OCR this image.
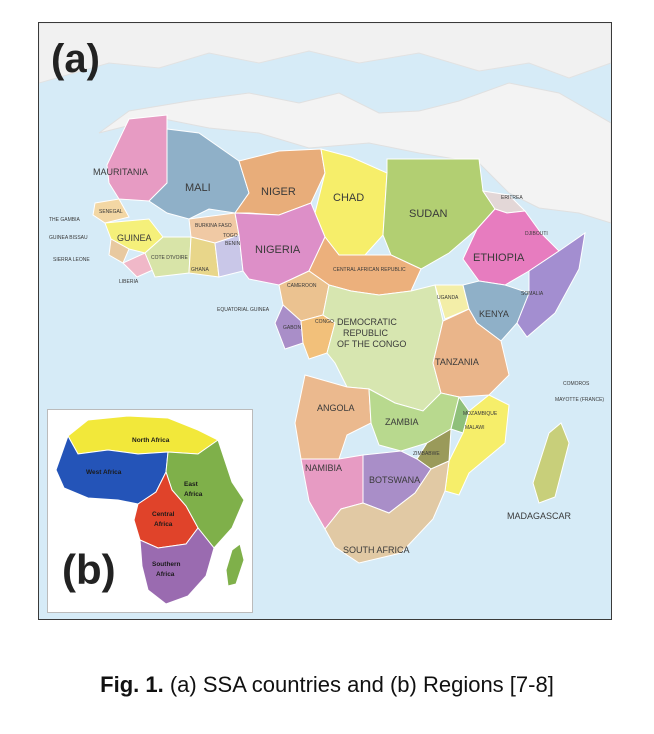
MAURITANIA
MALI	NIGER	CHAD
SUDAN
ERITREA
DJIBOUTI
SENEGAL
THE GAMBIA
GUINEA BISSAU
SIERRA LEONE
LIBERIA
GUINEA
BURKINA FASO
TOGO
BENIN
COTE D'IVOIRE
GHANA
NIGERIA
CENTRAL AFRICAN REPUBLIC
ETHIOPIA
SOMALIA
CAMEROON
EQUATORIAL GUINEA
GABON
CONGO DEMOCRATIC REPUBLIC OF THE CONGO
UGANDA
KENYA
TANZANIA
ANGOLA
ZAMBIA
MOZAMBIQUE
MALAWI
COMOROS
MAYOTTE (FRANCE)
NAMIBIA
ZIMBABWE
BOTSWANA
MADAGASCAR
SOUTH AFRICA
(a)
North Africa
West Africa
East
Africa
Central
Africa
Southern
Africa
(b)
Fig. 1. (a) SSA countries and (b) Regions [7-8]
